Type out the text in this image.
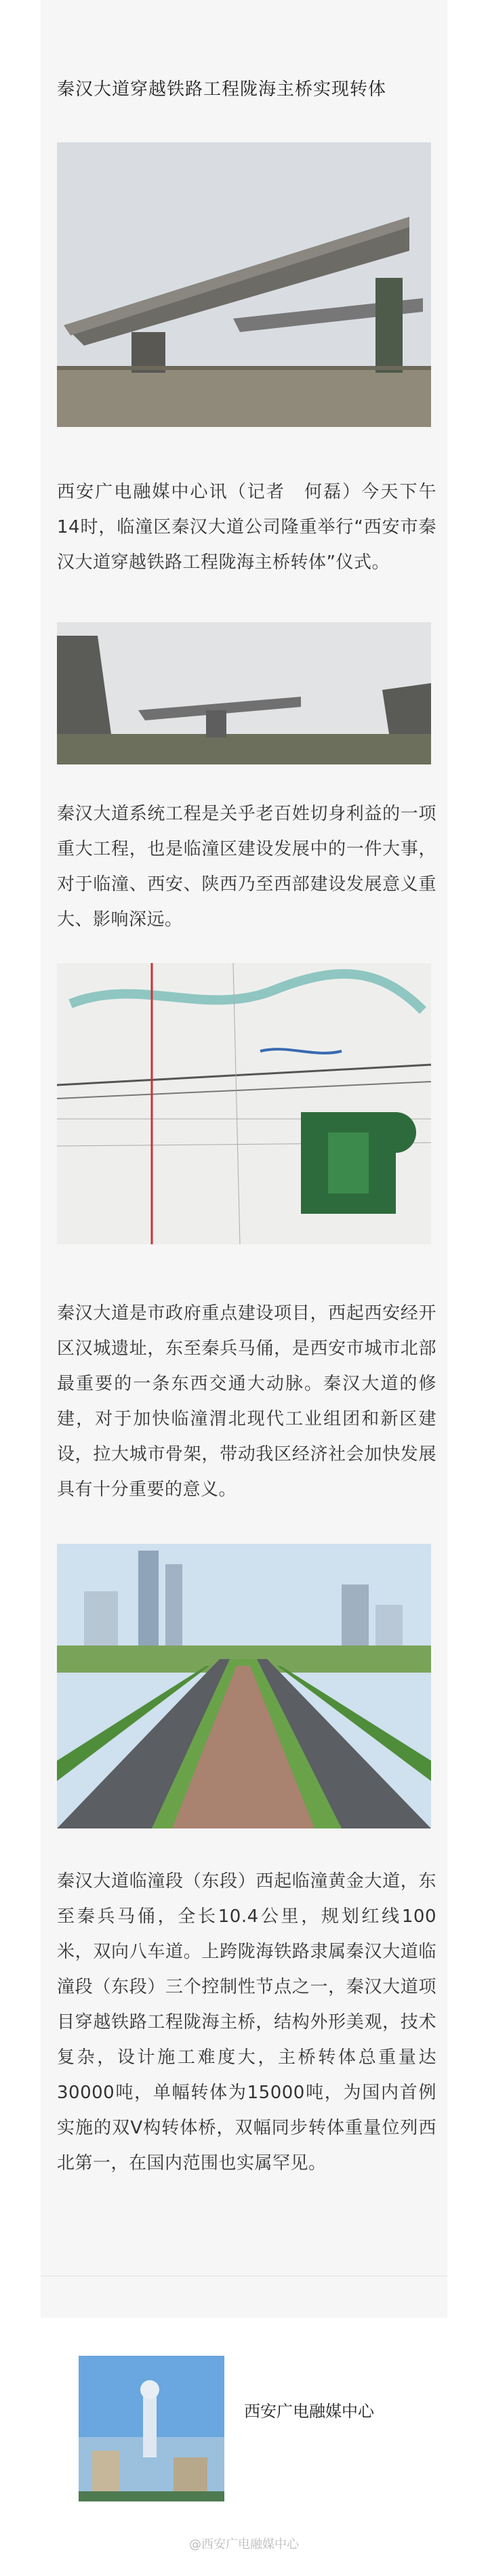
秦汉大道穿越铁路工程陇海主桥实现转体
西安广电融媒中心讯（记者　何磊）今天下午14时，临潼区秦汉大道公司隆重举行“西安市秦汉大道穿越铁路工程陇海主桥转体”仪式。
秦汉大道系统工程是关乎老百姓切身利益的一项重大工程，也是临潼区建设发展中的一件大事，对于临潼、西安、陕西乃至西部建设发展意义重大、影响深远。
秦汉大道是市政府重点建设项目，西起西安经开区汉城遗址，东至秦兵马俑，是西安市城市北部最重要的一条东西交通大动脉。秦汉大道的修建，对于加快临潼渭北现代工业组团和新区建设，拉大城市骨架，带动我区经济社会加快发展具有十分重要的意义。
秦汉大道临潼段（东段）西起临潼黄金大道，东至秦兵马俑，全长10.4公里，规划红线100米，双向八车道。上跨陇海铁路隶属秦汉大道临潼段（东段）三个控制性节点之一，秦汉大道项目穿越铁路工程陇海主桥，结构外形美观，技术复杂，设计施工难度大，主桥转体总重量达30000吨，单幅转体为15000吨，为国内首例实施的双V构转体桥，双幅同步转体重量位列西北第一，在国内范围也实属罕见。
西安广电融媒中心
@西安广电融媒中心
